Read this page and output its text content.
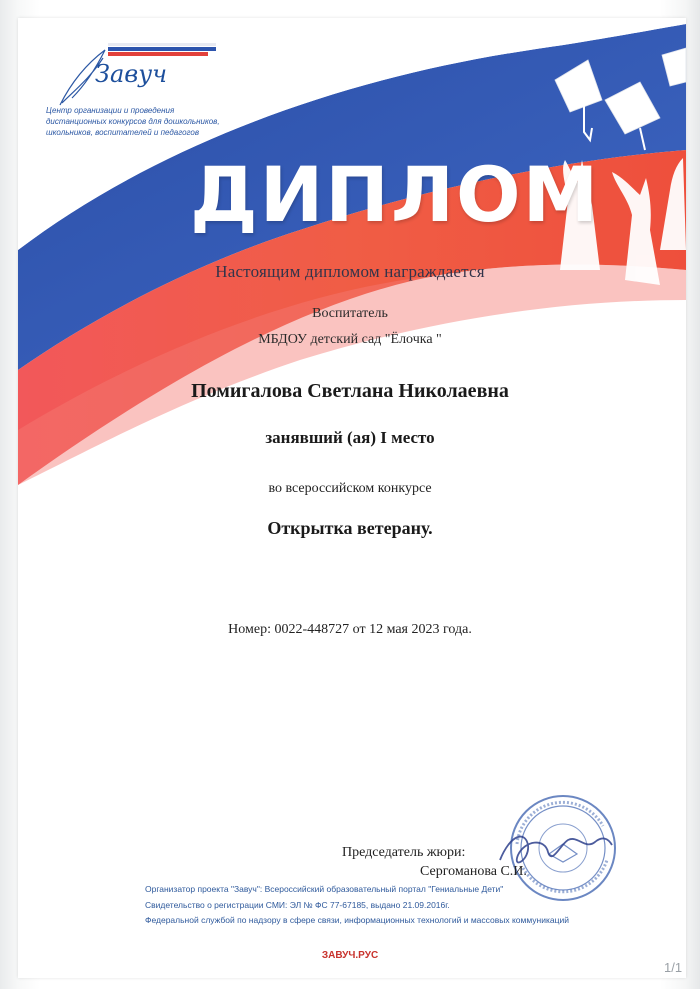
Завуч
Центр организации и проведения
дистанционных конкурсов для дошкольников,
школьников, воспитателей и педагогов
ДИПЛОМ
Настоящим дипломом награждается
Воспитатель
МБДОУ детский сад "Ёлочка "
Помигалова Светлана Николаевна
занявший (ая) I место
во всероссийском конкурсе
Открытка ветерану.
Номер: 0022-448727 от 12 мая 2023 года.
Председатель жюри:
Сергоманова С.И.
Организатор проекта "Завуч": Всероссийский образовательный портал "Гениальные Дети"
Свидетельство о регистрации СМИ: ЭЛ № ФС 77-67185, выдано 21.09.2016г.
Федеральной службой по надзору в сфере связи, информационных технологий и массовых коммуникаций
ЗАВУЧ.РУС
1/1
